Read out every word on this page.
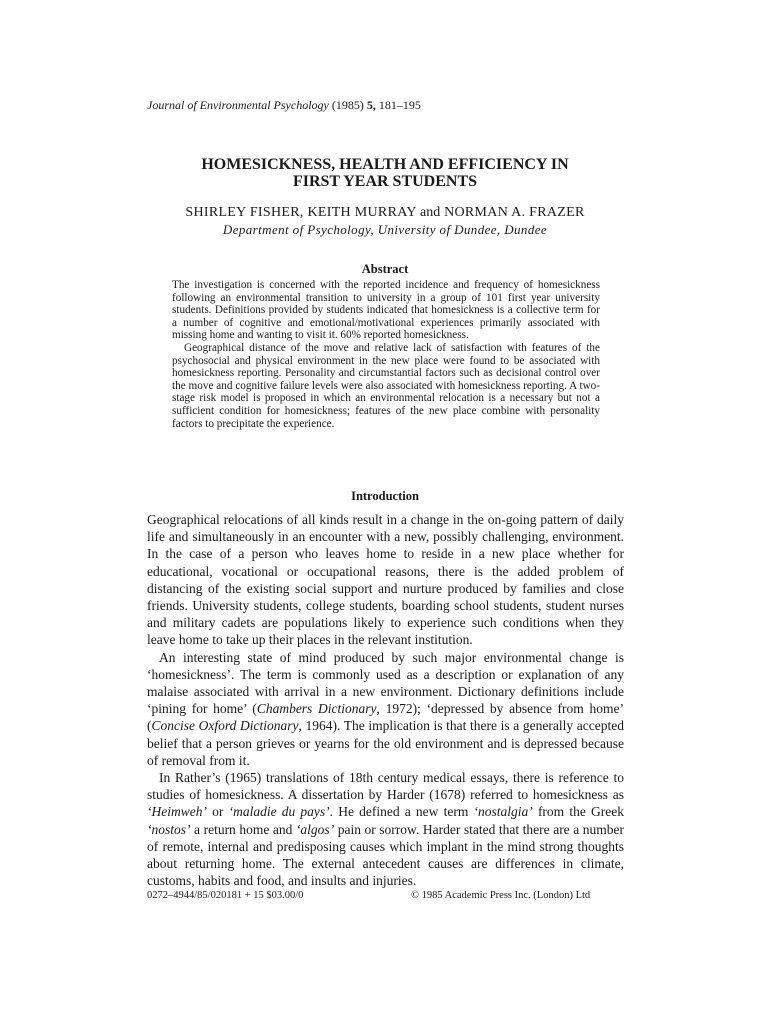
Journal of Environmental Psychology (1985) 5, 181–195
HOMESICKNESS, HEALTH AND EFFICIENCY IN
FIRST YEAR STUDENTS
SHIRLEY FISHER, KEITH MURRAY and NORMAN A. FRAZER
Department of Psychology, University of Dundee, Dundee
Abstract

The investigation is concerned with the reported incidence and frequency of homesickness following an environmental transition to university in a group of 101 first year university students. Definitions provided by students indicated that homesickness is a collective term for a number of cognitive and emotional/motivational experiences primarily associated with missing home and wanting to visit it. 60% reported homesickness.

Geographical distance of the move and relative lack of satisfaction with features of the psychosocial and physical environment in the new place were found to be associated with homesickness reporting. Personality and circumstantial factors such as decisional control over the move and cognitive failure levels were also associated with homesickness reporting. A two-stage risk model is proposed in which an environmental relocation is a necessary but not a sufficient condition for homesickness; features of the new place combine with personality factors to precipitate the experience.

Introduction

Geographical relocations of all kinds result in a change in the on-going pattern of daily life and simultaneously in an encounter with a new, possibly challenging, environment. In the case of a person who leaves home to reside in a new place whether for educational, vocational or occupational reasons, there is the added problem of distancing of the existing social support and nurture produced by families and close friends. University students, college students, boarding school students, student nurses and military cadets are populations likely to experience such conditions when they leave home to take up their places in the relevant institution.

An interesting state of mind produced by such major environmental change is ‘homesickness’. The term is commonly used as a description or explanation of any malaise associated with arrival in a new environment. Dictionary definitions include ‘pining for home’ (Chambers Dictionary, 1972); ‘depressed by absence from home’ (Concise Oxford Dictionary, 1964). The implication is that there is a generally accepted belief that a person grieves or yearns for the old environment and is depressed because of removal from it.

In Rather’s (1965) translations of 18th century medical essays, there is reference to studies of homesickness. A dissertation by Harder (1678) referred to homesickness as ‘Heimweh’ or ‘maladie du pays’. He defined a new term ‘nostalgia’ from the Greek ‘nostos’ a return home and ‘algos’ pain or sorrow. Harder stated that there are a number of remote, internal and predisposing causes which implant in the mind strong thoughts about returning home. The external antecedent causes are differences in climate, customs, habits and food, and insults and injuries.

0272–4944/85/020181 + 15 $03.00/0	© 1985 Academic Press Inc. (London) Ltd
